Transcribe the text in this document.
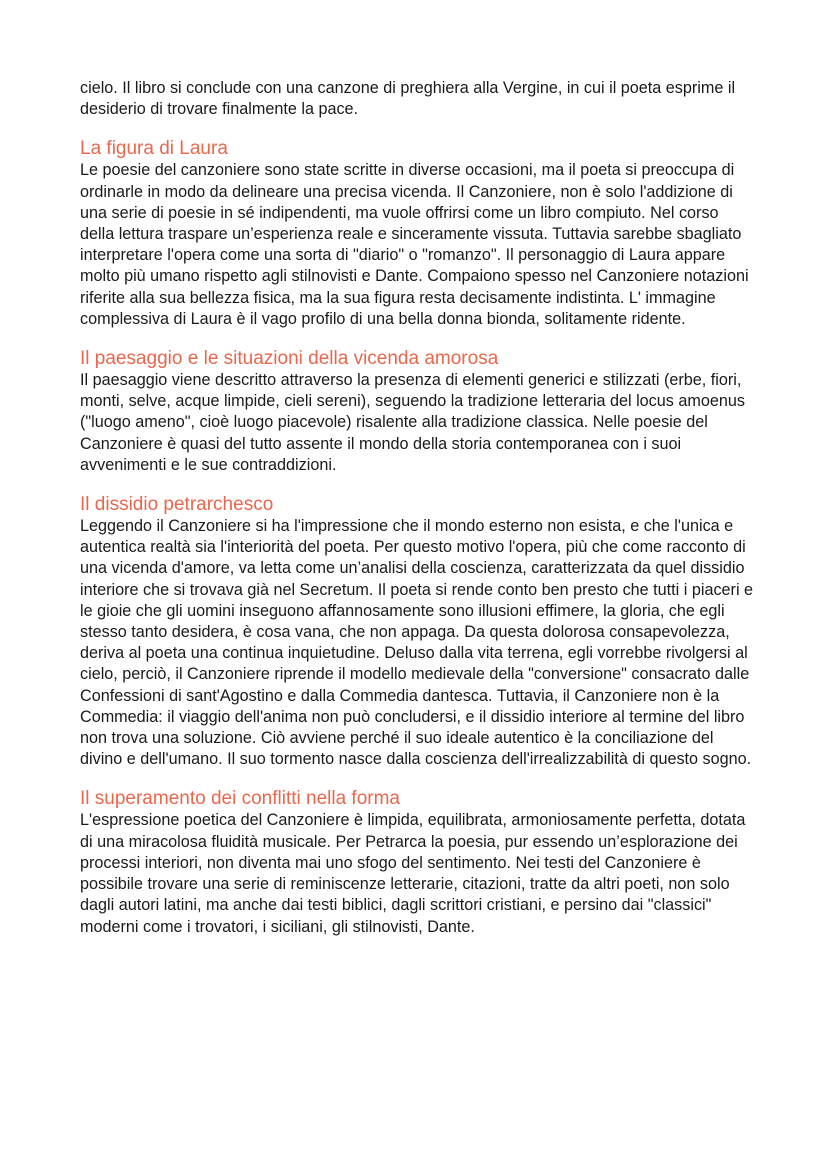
cielo. Il libro si conclude con una canzone di preghiera alla Vergine, in cui il poeta esprime il desiderio di trovare finalmente la pace.

La figura di Laura

Le poesie del canzoniere sono state scritte in diverse occasioni, ma il poeta si preoccupa di ordinarle in modo da delineare una precisa vicenda. Il Canzoniere, non è solo l'addizione di una serie di poesie in sé indipendenti, ma vuole offrirsi come un libro compiuto. Nel corso della lettura traspare un’esperienza reale e sinceramente vissuta. Tuttavia sarebbe sbagliato interpretare l'opera come una sorta di "diario" o "romanzo". Il personaggio di Laura appare molto più umano rispetto agli stilnovisti e Dante. Compaiono spesso nel Canzoniere notazioni riferite alla sua bellezza fisica, ma la sua figura resta decisamente indistinta. L' immagine complessiva di Laura è il vago profilo di una bella donna bionda, solitamente ridente.

Il paesaggio e le situazioni della vicenda amorosa

Il paesaggio viene descritto attraverso la presenza di elementi generici e stilizzati (erbe, fiori, monti, selve, acque limpide, cieli sereni), seguendo la tradizione letteraria del locus amoenus ("luogo ameno", cioè luogo piacevole) risalente alla tradizione classica. Nelle poesie del Canzoniere è quasi del tutto assente il mondo della storia contemporanea con i suoi avvenimenti e le sue contraddizioni.

Il dissidio petrarchesco

Leggendo il Canzoniere si ha l'impressione che il mondo esterno non esista, e che l'unica e autentica realtà sia l'interiorità del poeta. Per questo motivo l'opera, più che come racconto di una vicenda d'amore, va letta come un’analisi della coscienza, caratterizzata da quel dissidio interiore che si trovava già nel Secretum. Il poeta si rende conto ben presto che tutti i piaceri e le gioie che gli uomini inseguono affannosamente sono illusioni effimere, la gloria, che egli stesso tanto desidera, è cosa vana, che non appaga. Da questa dolorosa consapevolezza, deriva al poeta una continua inquietudine. Deluso dalla vita terrena, egli vorrebbe rivolgersi al cielo, perciò, il Canzoniere riprende il modello medievale della "conversione" consacrato dalle Confessioni di sant'Agostino e dalla Commedia dantesca. Tuttavia, il Canzoniere non è la Commedia: il viaggio dell'anima non può concludersi, e il dissidio interiore al termine del libro non trova una soluzione. Ciò avviene perché il suo ideale autentico è la conciliazione del divino e dell'umano. Il suo tormento nasce dalla coscienza dell'irrealizzabilità di questo sogno.

Il superamento dei conflitti nella forma

L'espressione poetica del Canzoniere è limpida, equilibrata, armoniosamente perfetta, dotata di una miracolosa fluidità musicale. Per Petrarca la poesia, pur essendo un’esplorazione dei processi interiori, non diventa mai uno sfogo del sentimento. Nei testi del Canzoniere è possibile trovare una serie di reminiscenze letterarie, citazioni, tratte da altri poeti, non solo dagli autori latini, ma anche dai testi biblici, dagli scrittori cristiani, e persino dai "classici" moderni come i trovatori, i siciliani, gli stilnovisti, Dante.
